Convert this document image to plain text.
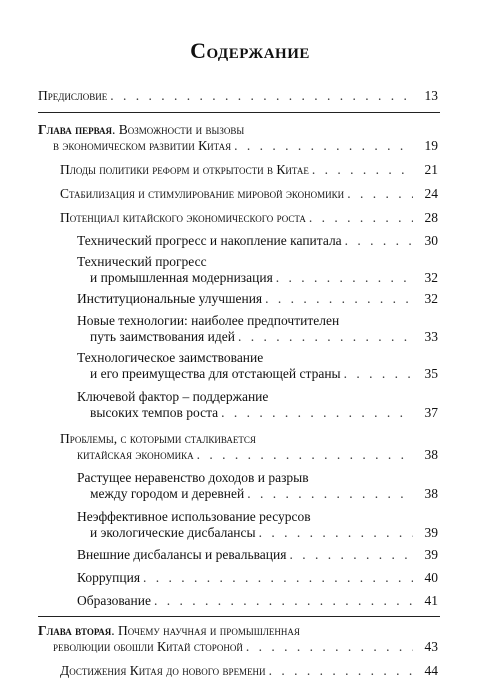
Содержание
Предисловие . . .	13
Глава первая. Возможности и вызовы
в экономическом развитии Китая . . .	19
Плоды политики реформ и открытости в Китае . . .	21
Стабилизация и стимулирование мировой экономики . . .	24
Потенциал китайского экономического роста . . .	28
Технический прогресс и накопление капитала . . .	30
Технический прогресс
и промышленная модернизация . . .	32
Институциональные улучшения . . .	32
Новые технологии: наиболее предпочтителен
путь заимствования идей . . .	33
Технологическое заимствование
и его преимущества для отстающей страны . . .	35
Ключевой фактор – поддержание
высоких темпов роста . . .	37
Проблемы, с которыми сталкивается
китайская экономика . . .	38
Растущее неравенство доходов и разрыв
между городом и деревней . . .	38
Неэффективное использование ресурсов
и экологические дисбалансы . . .	39
Внешние дисбалансы и ревальвация . . .	39
Коррупция . . .	40
Образование . . .	41
Глава вторая. Почему научная и промышленная
революции обошли Китай стороной . . .	43
Достижения Китая до нового времени . . .	44
